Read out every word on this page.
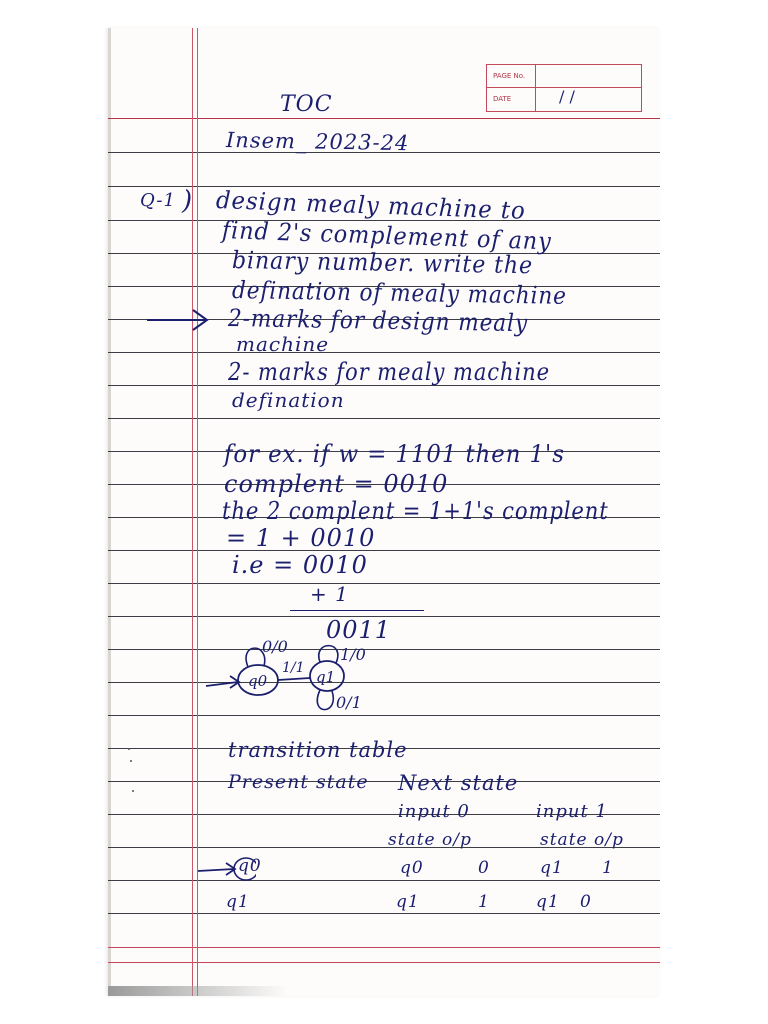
PAGE No.
DATE	/ /
TOC
Insem_ 2023-24
Q-1 ) design mealy machine to
find 2's complement of any
binary number. write the
defination of mealy machine
2-marks for design mealy
machine
2- marks for mealy machine
defination
for ex. if w = 1101 then 1's
complent = 0010
the 2 complent = 1+1's complent
= 1 + 0010
i.e = 0010
+ 1
0011
q0	q1
0/0
1/1
1/0
0/1
transition table
Present state Next state
input 0	input 1
state o/p	state o/p
q0	q0	0	q1 1
q1	q1	1	q1 0
